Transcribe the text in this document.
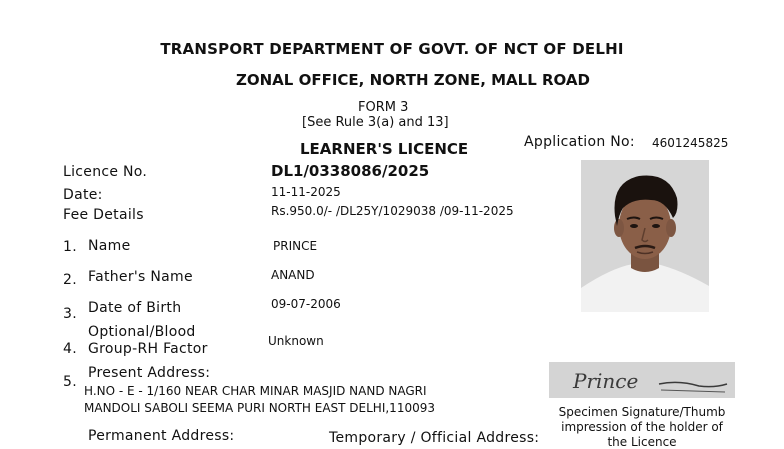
TRANSPORT DEPARTMENT OF GOVT. OF NCT OF DELHI
ZONAL OFFICE, NORTH ZONE, MALL ROAD
FORM 3
[See Rule 3(a) and 13]
LEARNER'S LICENCE	Application No: 4601245825
Licence No.	DL1/0338086/2025
Date:	11-11-2025
Fee Details	Rs.950.0/- /DL25Y/1029038 /09-11-2025
1. Name	PRINCE
2. Father's Name	ANAND
3. Date of Birth	09-07-2006
4.
Optional/Blood
Group-RH Factor	Unknown
5.
Present Address:
H.NO - E - 1/160 NEAR CHAR MINAR MASJID NAND NAGRI
MANDOLI SABOLI SEEMA PURI NORTH EAST DELHI,110093
Permanent Address:	Temporary / Official Address:
Prince
Specimen Signature/Thumb
impression of the holder of
the Licence
